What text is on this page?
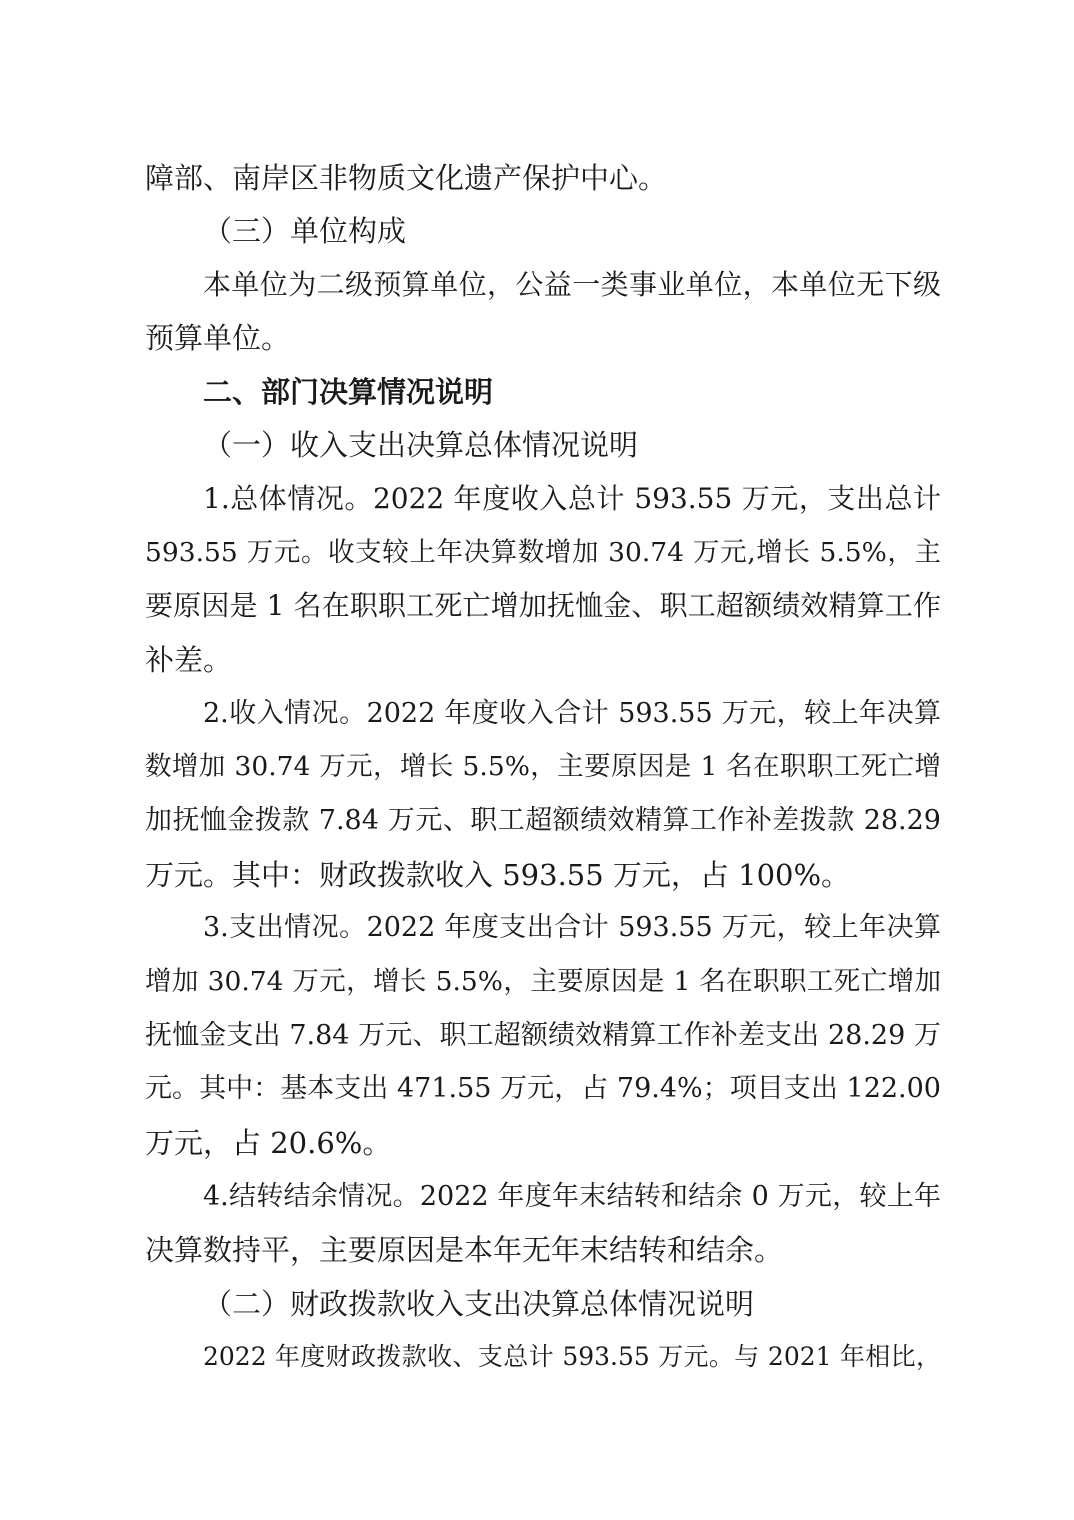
障部、南岸区非物质文化遗产保护中心。
（三）单位构成
本单位为二级预算单位，公益一类事业单位，本单位无下级
预算单位。
二、部门决算情况说明
（一）收入支出决算总体情况说明
1.总体情况。2022 年度收入总计 593.55 万元，支出总计
593.55 万元。收支较上年决算数增加 30.74 万元,增长 5.5%，主
要原因是 1 名在职职工死亡增加抚恤金、职工超额绩效精算工作
补差。
2.收入情况。2022 年度收入合计 593.55 万元，较上年决算
数增加 30.74 万元，增长 5.5%，主要原因是 1 名在职职工死亡增
加抚恤金拨款 7.84 万元、职工超额绩效精算工作补差拨款 28.29
万元。其中：财政拨款收入 593.55 万元，占 100%。
3.支出情况。2022 年度支出合计 593.55 万元，较上年决算
增加 30.74 万元，增长 5.5%，主要原因是 1 名在职职工死亡增加
抚恤金支出 7.84 万元、职工超额绩效精算工作补差支出 28.29 万
元。其中：基本支出 471.55 万元，占 79.4%；项目支出 122.00
万元，占 20.6%。
4.结转结余情况。2022 年度年末结转和结余 0 万元，较上年
决算数持平，主要原因是本年无年末结转和结余。
（二）财政拨款收入支出决算总体情况说明
2022 年度财政拨款收、支总计 593.55 万元。与 2021 年相比，
